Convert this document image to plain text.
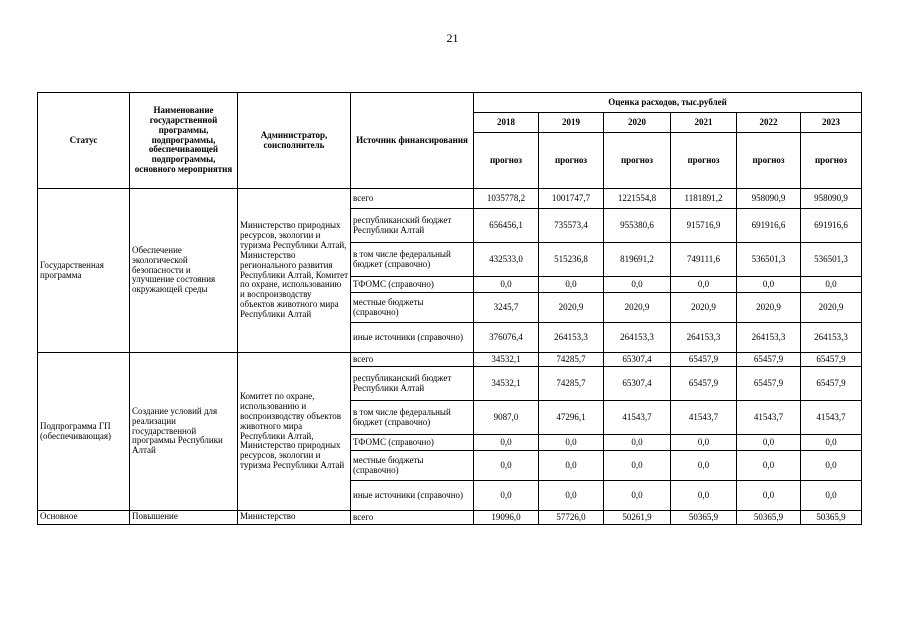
21
Статус	Наименование государственной программы, подпрограммы, обеспечивающей подпрограммы, основного мероприятия	Администратор, соисполнитель	Источник финансирования	Оценка расходов, тыс.рублей					
				2018	2019	2020	2021	2022	2023
				прогноз	прогноз	прогноз	прогноз	прогноз	прогноз
Государственная программа	Обеспечение экологической безопасности и улучшение состояния окружающей среды	Министерство природных ресурсов, экологии и туризма Республики Алтай, Министерство регионального развития Республики Алтай, Комитет по охране, использованию и воспроизводству объектов животного мира Республики Алтай	всего	1035778,2	1001747,7	1221554,8	1181891,2	958090,9	958090,9
			республиканский бюджет Республики Алтай	656456,1	735573,4	955380,6	915716,9	691916,6	691916,6
			в том числе федеральный бюджет (справочно)	432533,0	515236,8	819691,2	749111,6	536501,3	536501,3
			ТФОМС (справочно)	0,0	0,0	0,0	0,0	0,0	0,0
			местные бюджеты (справочно)	3245,7	2020,9	2020,9	2020,9	2020,9	2020,9
			иные источники (справочно)	376076,4	264153,3	264153,3	264153,3	264153,3	264153,3
Подпрограмма ГП (обеспечивающая)	Создание условий для реализации государственной программы Республики Алтай	Комитет по охране, использованию и воспроизводству объектов животного мира Республики Алтай, Министерство природных ресурсов, экологии и туризма Республики Алтай	всего	34532,1	74285,7	65307,4	65457,9	65457,9	65457,9
			республиканский бюджет Республики Алтай	34532,1	74285,7	65307,4	65457,9	65457,9	65457,9
			в том числе федеральный бюджет (справочно)	9087,0	47296,1	41543,7	41543,7	41543,7	41543,7
			ТФОМС (справочно)	0,0	0,0	0,0	0,0	0,0	0,0
			местные бюджеты (справочно)	0,0	0,0	0,0	0,0	0,0	0,0
			иные источники (справочно)	0,0	0,0	0,0	0,0	0,0	0,0
Основное	Повышение	Министерство	всего	19096,0	57726,0	50261,9	50365,9	50365,9	50365,9
